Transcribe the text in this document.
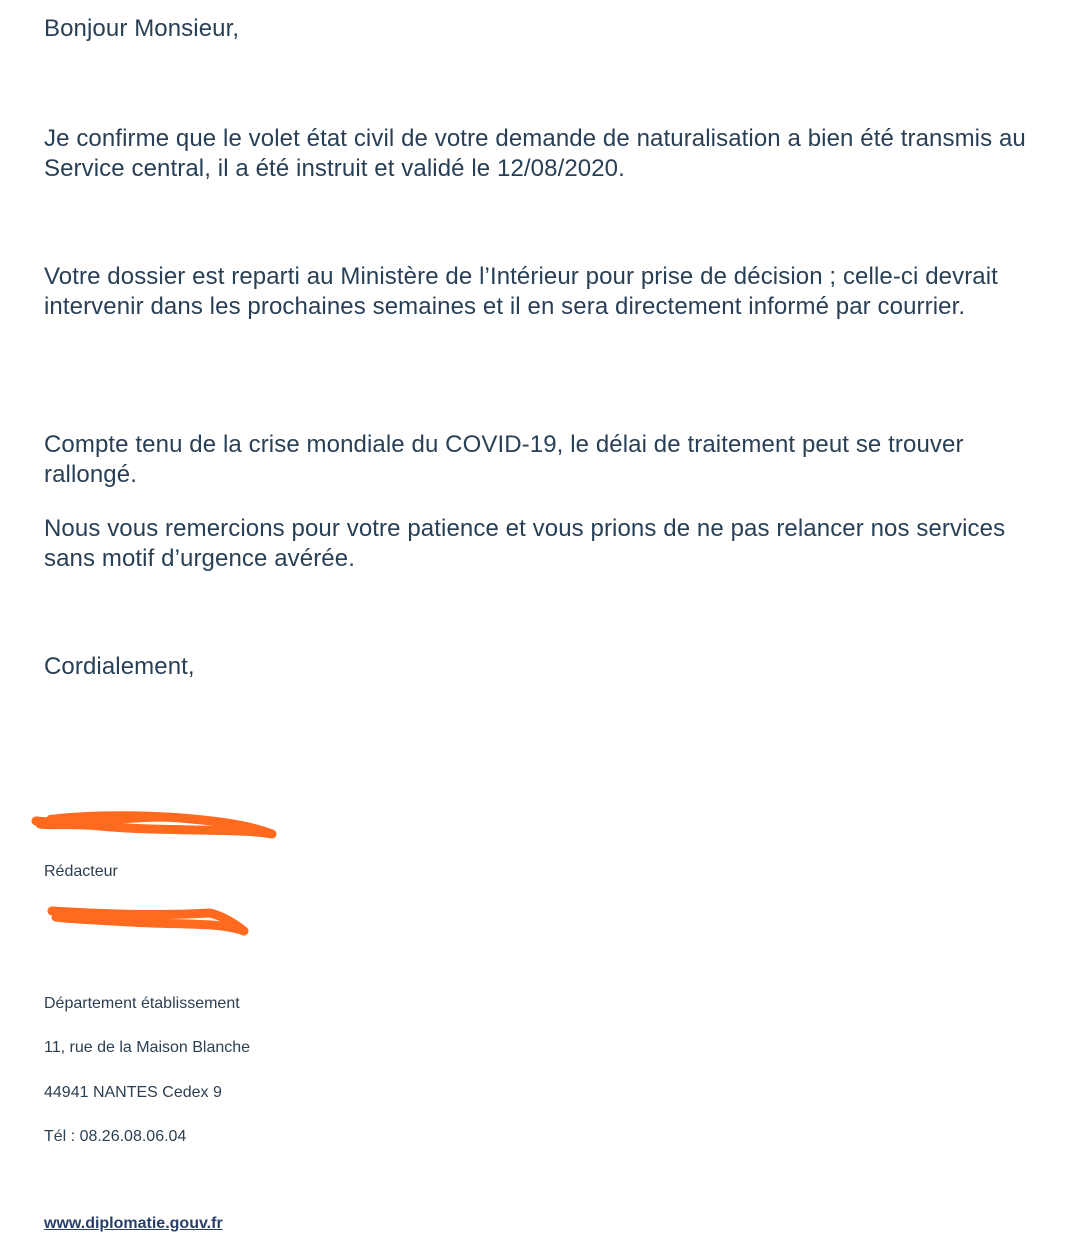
Bonjour Monsieur,

Je confirme que le volet état civil de votre demande de naturalisation a bien été transmis au Service central, il a été instruit et validé le 12/08/2020.

Votre dossier est reparti au Ministère de l’Intérieur pour prise de décision ; celle-ci devrait intervenir dans les prochaines semaines et il en sera directement informé par courrier.

Compte tenu de la crise mondiale du COVID-19, le délai de traitement peut se trouver rallongé.

Nous vous remercions pour votre patience et vous prions de ne pas relancer nos services sans motif d’urgence avérée.

Cordialement,

Rédacteur

Département établissement

11, rue de la Maison Blanche

44941 NANTES Cedex 9

Tél : 08.26.08.06.04

www.diplomatie.gouv.fr
